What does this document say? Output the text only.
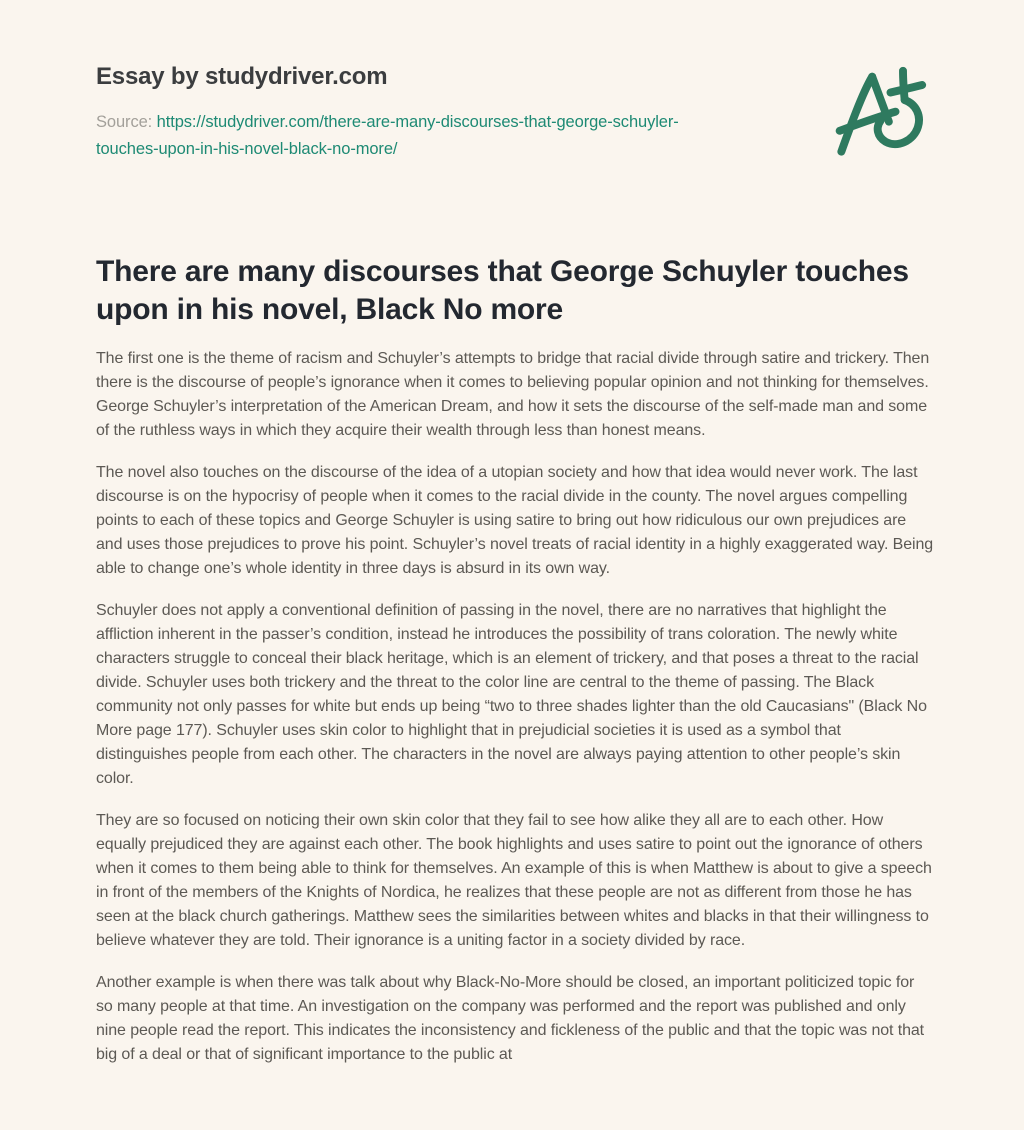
Essay by studydriver.com

Source: https://studydriver.com/there-are-many-discourses-that-george-schuyler-touches-upon-in-his-novel-black-no-more/

There are many discourses that George Schuyler touches upon in his novel, Black No more

The first one is the theme of racism and Schuyler’s attempts to bridge that racial divide through satire and trickery. Then there is the discourse of people’s ignorance when it comes to believing popular opinion and not thinking for themselves. George Schuyler’s interpretation of the American Dream, and how it sets the discourse of the self-made man and some of the ruthless ways in which they acquire their wealth through less than honest means.

The novel also touches on the discourse of the idea of a utopian society and how that idea would never work. The last discourse is on the hypocrisy of people when it comes to the racial divide in the county. The novel argues compelling points to each of these topics and George Schuyler is using satire to bring out how ridiculous our own prejudices are and uses those prejudices to prove his point. Schuyler’s novel treats of racial identity in a highly exaggerated way. Being able to change one’s whole identity in three days is absurd in its own way.

Schuyler does not apply a conventional definition of passing in the novel, there are no narratives that highlight the affliction inherent in the passer’s condition, instead he introduces the possibility of trans coloration. The newly white characters struggle to conceal their black heritage, which is an element of trickery, and that poses a threat to the racial divide. Schuyler uses both trickery and the threat to the color line are central to the theme of passing. The Black community not only passes for white but ends up being “two to three shades lighter than the old Caucasians" (Black No More page 177). Schuyler uses skin color to highlight that in prejudicial societies it is used as a symbol that distinguishes people from each other. The characters in the novel are always paying attention to other people’s skin color.

They are so focused on noticing their own skin color that they fail to see how alike they all are to each other. How equally prejudiced they are against each other. The book highlights and uses satire to point out the ignorance of others when it comes to them being able to think for themselves. An example of this is when Matthew is about to give a speech in front of the members of the Knights of Nordica, he realizes that these people are not as different from those he has seen at the black church gatherings. Matthew sees the similarities between whites and blacks in that their willingness to believe whatever they are told. Their ignorance is a uniting factor in a society divided by race.

Another example is when there was talk about why Black-No-More should be closed, an important politicized topic for so many people at that time. An investigation on the company was performed and the report was published and only nine people read the report. This indicates the inconsistency and fickleness of the public and that the topic was not that big of a deal or that of significant importance to the public at
